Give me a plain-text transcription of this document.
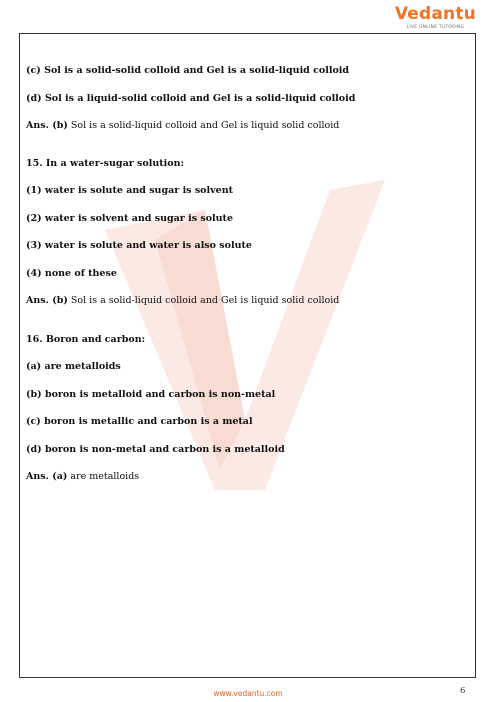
Vedantu
LIVE ONLINE TUTORING
(c) Sol is a solid-solid colloid and Gel is a solid-liquid colloid
(d) Sol is a liquid-solid colloid and Gel is a solid-liquid colloid
Ans. (b) Sol is a solid-liquid colloid and Gel is liquid solid colloid
15. In a water-sugar solution:
(1) water is solute and sugar is solvent
(2) water is solvent and sugar is solute
(3) water is solute and water is also solute
(4) none of these
Ans. (b) Sol is a solid-liquid colloid and Gel is liquid solid colloid
16. Boron and carbon:
(a) are metalloids
(b) boron is metalloid and carbon is non-metal
(c) boron is metallic and carbon is a metal
(d) boron is non-metal and carbon is a metalloid
Ans. (a) are metalloids
6
www.vedantu.com
